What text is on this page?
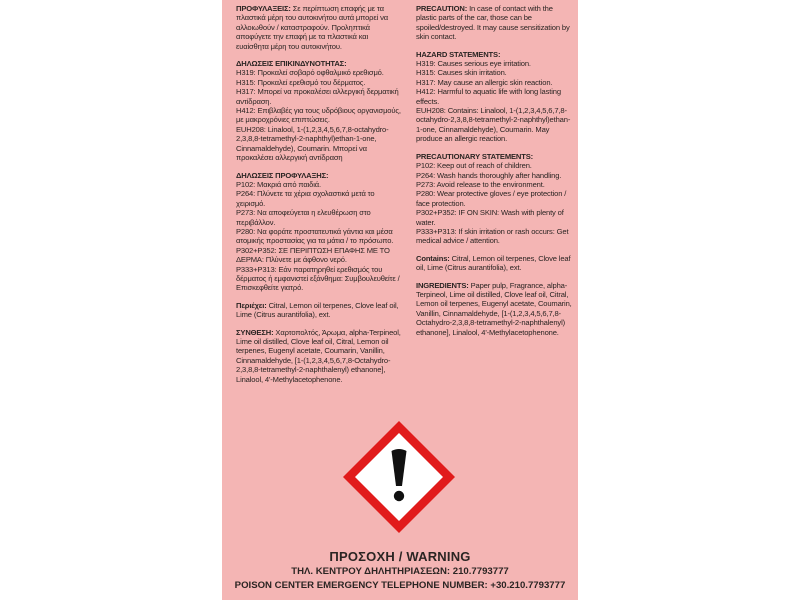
ΠΡΟΦΥΛΑΞΕΙΣ: Σε περίπτωση επαφής με τα πλαστικά μέρη του αυτοκινήτου αυτά μπορεί να αλλοιωθούν / καταστραφούν. Προληπτικά αποφύγετε την επαφή με τα πλαστικά και ευαίσθητα μέρη του αυτοκινήτου.
ΔΗΛΩΣΕΙΣ ΕΠΙΚΙΝΔΥΝΟΤΗΤΑΣ:
H319: Προκαλεί σοβαρό οφθαλμικό ερεθισμό.
H315: Προκαλεί ερεθισμό του δέρματος.
H317: Μπορεί να προκαλέσει αλλεργική δερματική αντίδραση.
H412: Επιβλαβές για τους υδρόβιους οργανισμούς, με μακροχρόνιες επιπτώσεις.
EUH208: Linalool, 1-(1,2,3,4,5,6,7,8-octahydro-2,3,8,8-tetramethyl-2-naphthyl)ethan-1-one, Cinnamaldehyde), Coumarin. Μπορεί να προκαλέσει αλλεργική αντίδραση
ΔΗΛΩΣΕΙΣ ΠΡΟΦΥΛΑΞΗΣ:
P102: Μακριά από παιδιά.
P264: Πλύνετε τα χέρια σχολαστικά μετά το χειρισμό.
P273: Να αποφεύγεται η ελευθέρωση στο περιβάλλον.
P280: Να φοράτε προστατευτικά γάντια και μέσα ατομικής προστασίας για τα μάτια / το πρόσωπο.
P302+P352: ΣΕ ΠΕΡΙΠΤΩΣΗ ΕΠΑΦΗΣ ΜΕ ΤΟ ΔΕΡΜΑ: Πλύνετε με άφθονο νερό.
P333+P313: Εάν παρατηρηθεί ερεθισμός του δέρματος ή εμφανιστεί εξάνθημα: Συμβουλευθείτε / Επισκεφθείτε γιατρό.
Περιέχει: Citral, Lemon oil terpenes, Clove leaf oil, Lime (Citrus aurantifolia), ext.
ΣΥΝΘΕΣΗ: Χαρτοπολτός, Άρωμα, alpha-Terpineol, Lime oil distilled, Clove leaf oil, Citral, Lemon oil terpenes, Eugenyl acetate, Coumarin, Vanillin, Cinnamaldehyde, [1-(1,2,3,4,5,6,7,8-Octahydro-2,3,8,8-tetramethyl-2-naphthalenyl) ethanone], Linalool, 4'-Methylacetophenone.
PRECAUTION: In case of contact with the plastic parts of the car, those can be spoiled/destroyed. It may cause sensitization by skin contact.
HAZARD STATEMENTS:
H319: Causes serious eye irritation.
H315: Causes skin irritation.
H317: May cause an allergic skin reaction.
H412: Harmful to aquatic life with long lasting effects.
EUH208: Contains: Linalool, 1-(1,2,3,4,5,6,7,8-octahydro-2,3,8,8-tetramethyl-2-naphthyl)ethan-1-one, Cinnamaldehyde), Coumarin. May produce an allergic reaction.
PRECAUTIONARY STATEMENTS:
P102: Keep out of reach of children.
P264: Wash hands thoroughly after handling.
P273: Avoid release to the environment.
P280: Wear protective gloves / eye protection / face protection.
P302+P352: IF ON SKIN: Wash with plenty of water.
P333+P313: If skin irritation or rash occurs: Get medical advice / attention.
Contains: Citral, Lemon oil terpenes, Clove leaf oil, Lime (Citrus aurantifolia), ext.
INGREDIENTS: Paper pulp, Fragrance, alpha-Terpineol, Lime oil distilled, Clove leaf oil, Citral, Lemon oil terpenes, Eugenyl acetate, Coumarin, Vanillin, Cinnamaldehyde, [1-(1,2,3,4,5,6,7,8-Octahydro-2,3,8,8-tetramethyl-2-naphthalenyl) ethanone], Linalool, 4'-Methylacetophenone.
ΠΡΟΣΟΧΗ / WARNING
ΤΗΛ. ΚΕΝΤΡΟΥ ΔΗΛΗΤΗΡΙΑΣΕΩΝ: 210.7793777
POISON CENTER EMERGENCY TELEPHONE NUMBER: +30.210.7793777
